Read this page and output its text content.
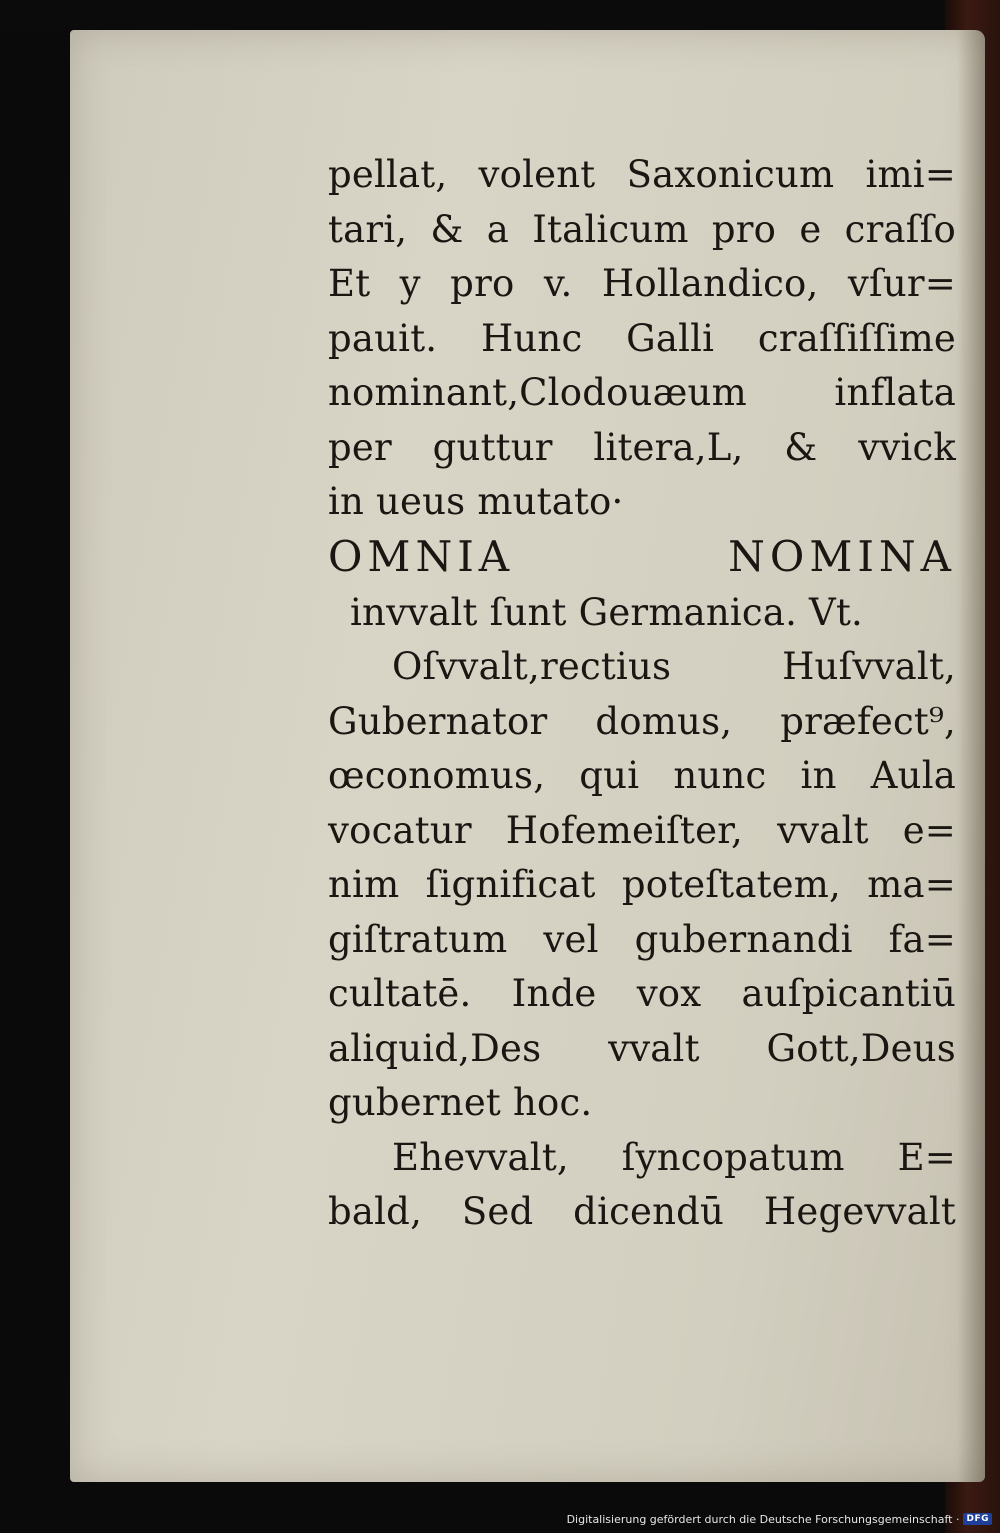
pellat, volent Saxonicum imi=
tari, & a Italicum pro e craſſo
Et y pro v. Hollandico, vſur=
pauit. Hunc Galli craſſiſſime
nominant,Clodouæum inflata
per guttur litera,L, & vvick
in ueus mutato·
OMNIA NOMINA
invvalt ſunt Germanica. Vt.
Oſvvalt,rectius Huſvvalt,
Gubernator domus, præfect⁹,
œconomus, qui nunc in Aula
vocatur Hofemeiſter, vvalt e=
nim ſignificat poteſtatem, ma=
giſtratum vel gubernandi fa=
cultatē. Inde vox auſpicantiū
aliquid,Des vvalt Gott,Deus
gubernet hoc.
Ehevvalt, ſyncopatum E=
bald, Sed dicendū Hegevvalt
Digitalisierung gefördert durch die Deutsche Forschungsgemeinschaft · DFG
